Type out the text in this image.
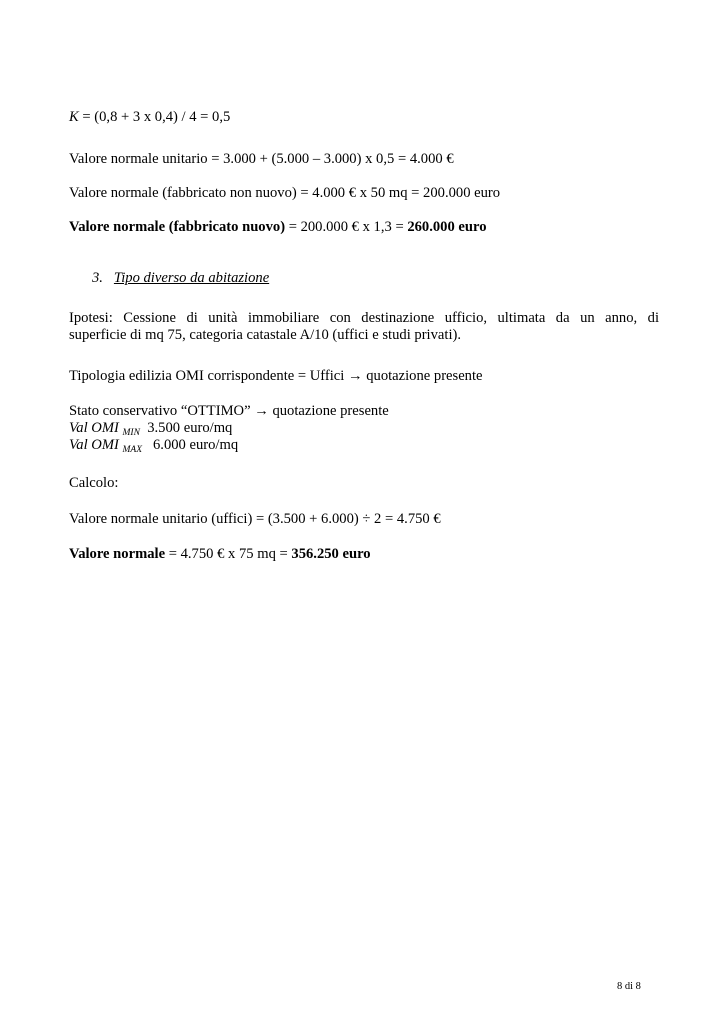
K = (0,8 + 3 x 0,4) / 4 = 0,5
Valore normale unitario = 3.000 + (5.000 – 3.000) x 0,5 = 4.000 €
Valore normale (fabbricato non nuovo) = 4.000 € x 50 mq = 200.000 euro
Valore normale (fabbricato nuovo) = 200.000 € x 1,3 = 260.000 euro
3. Tipo diverso da abitazione
Ipotesi: Cessione di unità immobiliare con destinazione ufficio, ultimata da un anno, di
superficie di mq 75, categoria catastale A/10 (uffici e studi privati).
Tipologia edilizia OMI corrispondente = Uffici → quotazione presente
Stato conservativo “OTTIMO” → quotazione presente
Val OMI $_{MIN}$ 3.500 euro/mq
Val OMI $_{MAX}$ 6.000 euro/mq
Calcolo:
Valore normale unitario (uffici) = (3.500 + 6.000) ÷ 2 = 4.750 €
Valore normale = 4.750 € x 75 mq = 356.250 euro
8 di 8
